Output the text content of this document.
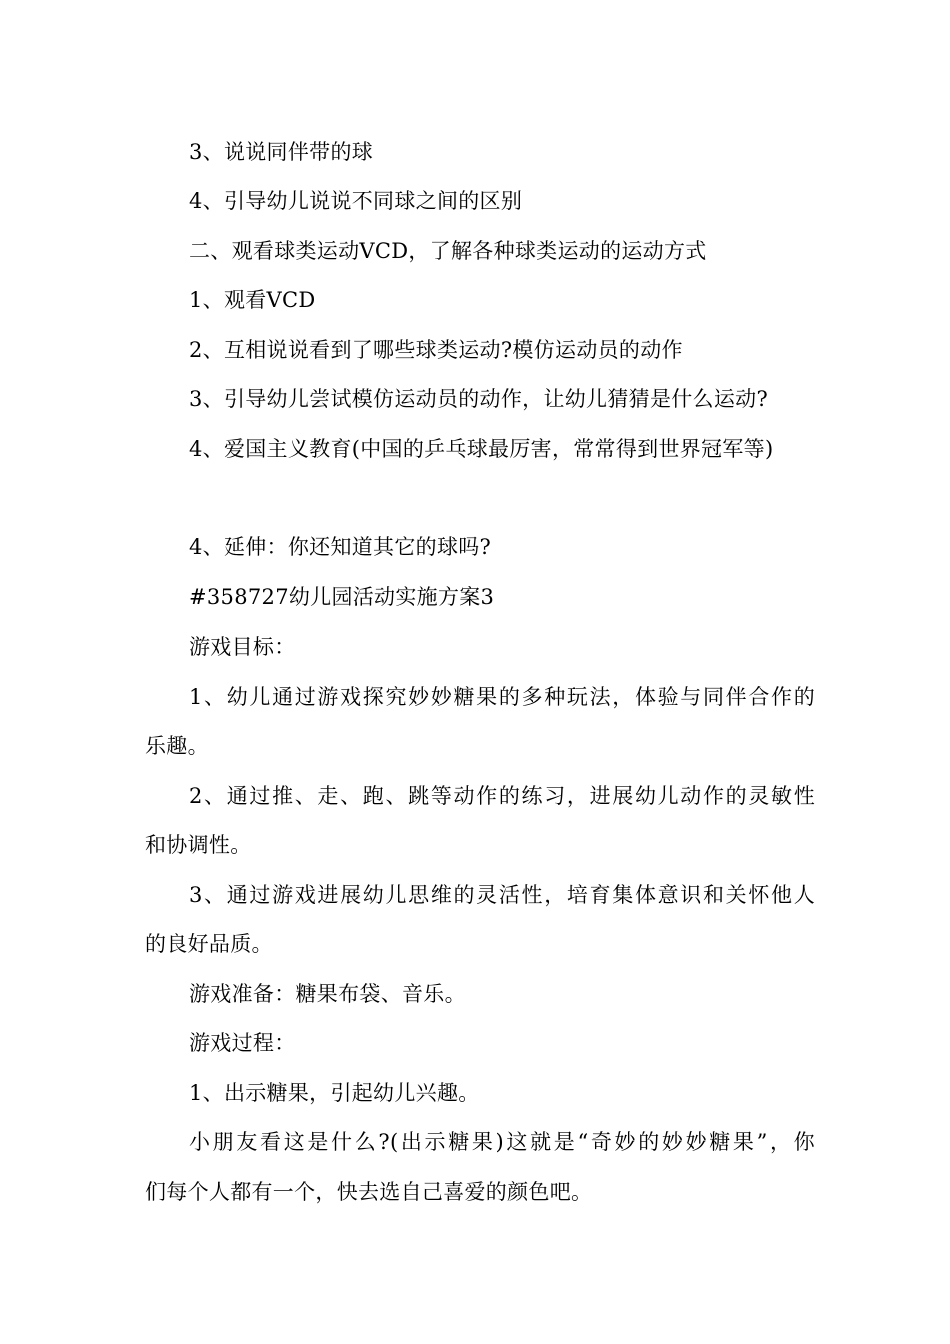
3、说说同伴带的球
4、引导幼儿说说不同球之间的区别
二、观看球类运动VCD，了解各种球类运动的运动方式
1、观看VCD
2、互相说说看到了哪些球类运动?模仿运动员的动作
3、引导幼儿尝试模仿运动员的动作，让幼儿猜猜是什么运动?
4、爱国主义教育(中国的乒乓球最厉害，常常得到世界冠军等)
4、延伸：你还知道其它的球吗?
#358727幼儿园活动实施方案3
游戏目标：
1、幼儿通过游戏探究妙妙糖果的多种玩法，体验与同伴合作的
乐趣。
2、通过推、走、跑、跳等动作的练习，进展幼儿动作的灵敏性
和协调性。
3、通过游戏进展幼儿思维的灵活性，培育集体意识和关怀他人
的良好品质。
游戏准备：糖果布袋、音乐。
游戏过程：
1、出示糖果，引起幼儿兴趣。
小朋友看这是什么?(出示糖果)这就是“奇妙的妙妙糖果”，你
们每个人都有一个，快去选自己喜爱的颜色吧。
